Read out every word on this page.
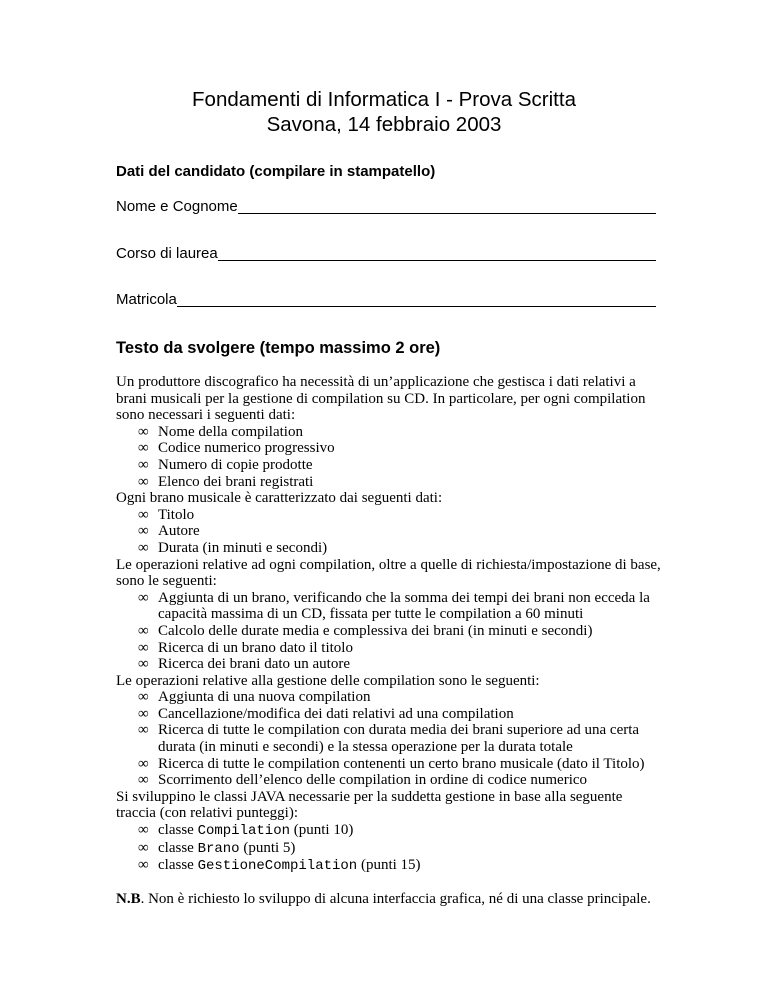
Fondamenti di Informatica I - Prova Scritta
Savona, 14 febbraio 2003
Dati del candidato (compilare in stampatello)
Nome e Cognome
Corso di laurea
Matricola
Testo da svolgere (tempo massimo 2 ore)

Un produttore discografico ha necessità di un’applicazione che gestisca i dati relativi a brani musicali per la gestione di compilation su CD. In particolare, per ogni compilation sono necessari i seguenti dati:

∞ Nome della compilation
∞ Codice numerico progressivo
∞ Numero di copie prodotte
∞ Elenco dei brani registrati

Ogni brano musicale è caratterizzato dai seguenti dati:

∞ Titolo
∞ Autore
∞ Durata (in minuti e secondi)

Le operazioni relative ad ogni compilation, oltre a quelle di richiesta/impostazione di base, sono le seguenti:

∞ Aggiunta di un brano, verificando che la somma dei tempi dei brani non ecceda la capacità massima di un CD, fissata per tutte le compilation a 60 minuti
∞ Calcolo delle durate media e complessiva dei brani (in minuti e secondi)
∞ Ricerca di un brano dato il titolo
∞ Ricerca dei brani dato un autore

Le operazioni relative alla gestione delle compilation sono le seguenti:

∞ Aggiunta di una nuova compilation
∞ Cancellazione/modifica dei dati relativi ad una compilation
∞ Ricerca di tutte le compilation con durata media dei brani superiore ad una certa durata (in minuti e secondi) e la stessa operazione per la durata totale
∞ Ricerca di tutte le compilation contenenti un certo brano musicale (dato il Titolo)
∞ Scorrimento dell’elenco delle compilation in ordine di codice numerico

Si sviluppino le classi JAVA necessarie per la suddetta gestione in base alla seguente traccia (con relativi punteggi):

∞ classe Compilation (punti 10)
∞ classe Brano (punti 5)
∞ classe GestioneCompilation (punti 15)
N.B. Non è richiesto lo sviluppo di alcuna interfaccia grafica, né di una classe principale.
